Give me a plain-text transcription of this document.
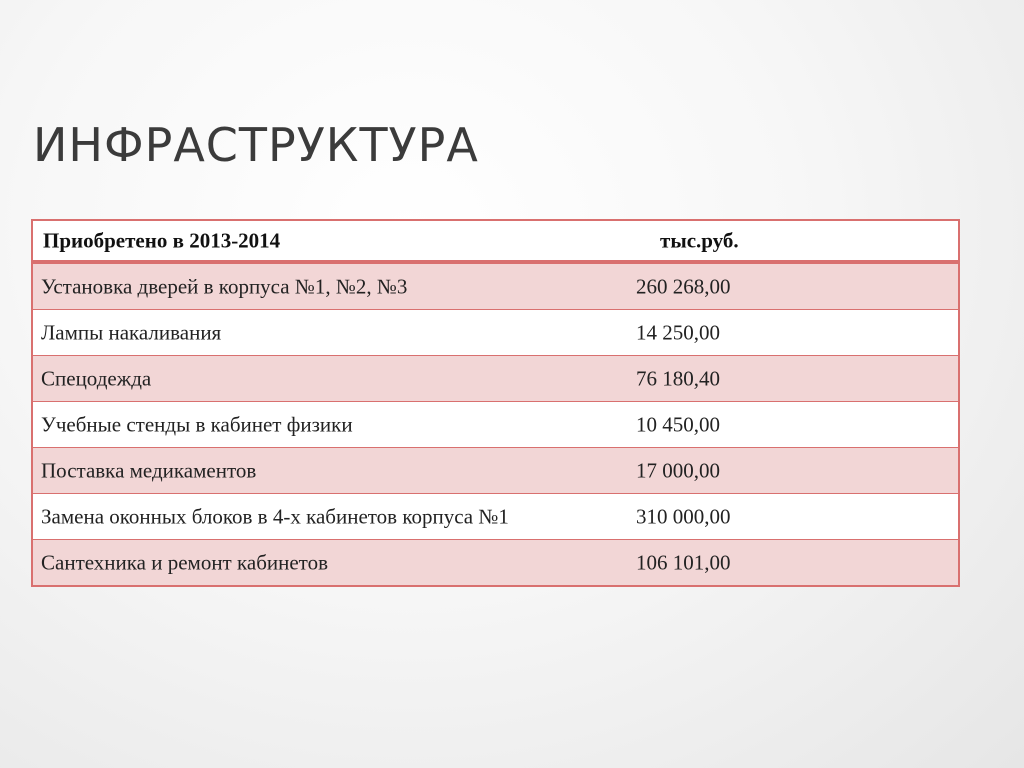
ИНФРАСТРУКТУРА
Приобретено в 2013-2014	тыс.руб.
Установка дверей в корпуса №1, №2, №3	260 268,00
Лампы накаливания	14 250,00
Спецодежда	76 180,40
Учебные стенды в кабинет физики	10 450,00
Поставка медикаментов	17 000,00
Замена оконных блоков в 4-х кабинетов корпуса №1	310 000,00
Сантехника и ремонт кабинетов	106 101,00
